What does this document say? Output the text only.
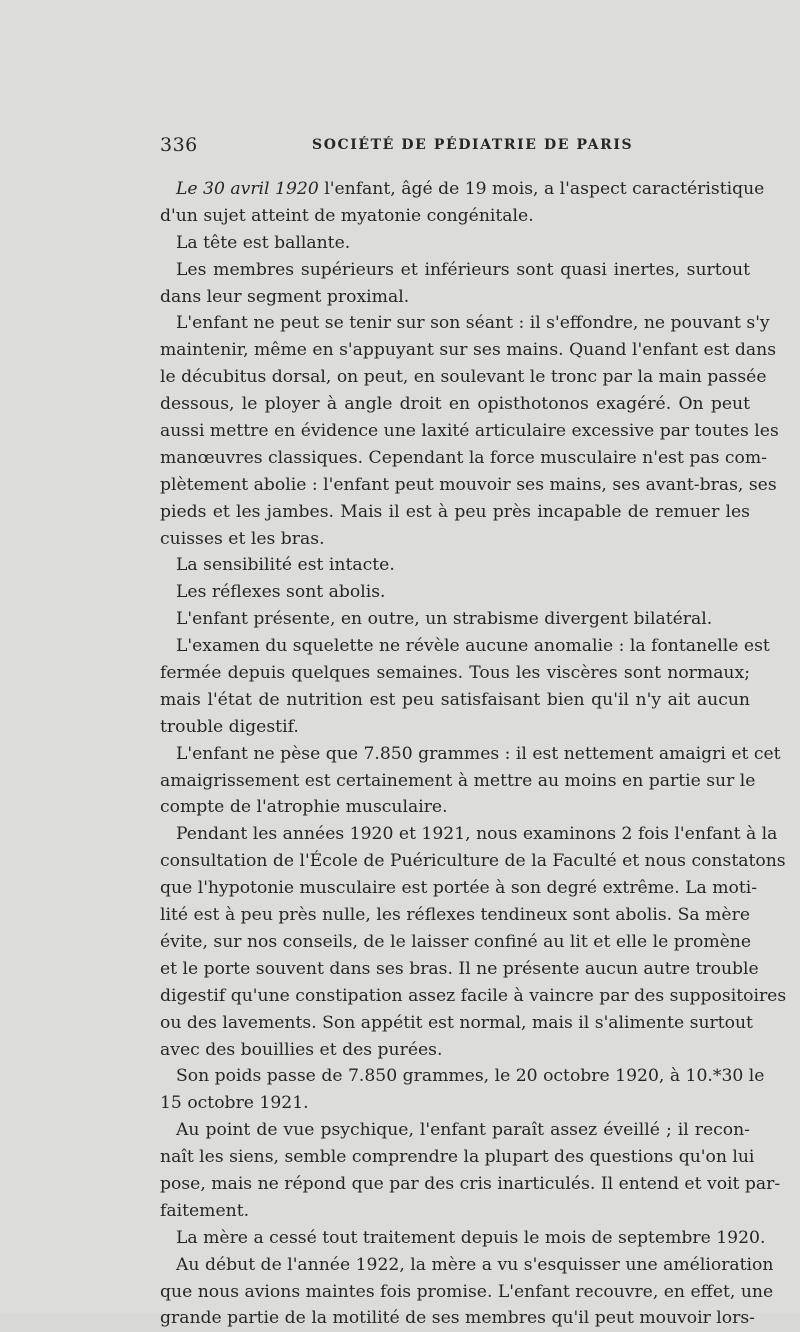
336	SOCIÉTÉ DE PÉDIATRIE DE PARIS
Le 30 avril 1920 l'enfant, âgé de 19 mois, a l'aspect caractéristique
d'un sujet atteint de myatonie congénitale.
La tête est ballante.
Les membres supérieurs et inférieurs sont quasi inertes, surtout
dans leur segment proximal.
L'enfant ne peut se tenir sur son séant : il s'effondre, ne pouvant s'y
maintenir, même en s'appuyant sur ses mains. Quand l'enfant est dans
le décubitus dorsal, on peut, en soulevant le tronc par la main passée
dessous, le ployer à angle droit en opisthotonos exagéré. On peut
aussi mettre en évidence une laxité articulaire excessive par toutes les
manœuvres classiques. Cependant la force musculaire n'est pas com-
plètement abolie : l'enfant peut mouvoir ses mains, ses avant-bras, ses
pieds et les jambes. Mais il est à peu près incapable de remuer les
cuisses et les bras.
La sensibilité est intacte.
Les réflexes sont abolis.
L'enfant présente, en outre, un strabisme divergent bilatéral.
L'examen du squelette ne révèle aucune anomalie : la fontanelle est
fermée depuis quelques semaines. Tous les viscères sont normaux;
mais l'état de nutrition est peu satisfaisant bien qu'il n'y ait aucun
trouble digestif.
L'enfant ne pèse que 7.850 grammes : il est nettement amaigri et cet
amaigrissement est certainement à mettre au moins en partie sur le
compte de l'atrophie musculaire.
Pendant les années 1920 et 1921, nous examinons 2 fois l'enfant à la
consultation de l'École de Puériculture de la Faculté et nous constatons
que l'hypotonie musculaire est portée à son degré extrême. La moti-
lité est à peu près nulle, les réflexes tendineux sont abolis. Sa mère
évite, sur nos conseils, de le laisser confiné au lit et elle le promène
et le porte souvent dans ses bras. Il ne présente aucun autre trouble
digestif qu'une constipation assez facile à vaincre par des suppositoires
ou des lavements. Son appétit est normal, mais il s'alimente surtout
avec des bouillies et des purées.
Son poids passe de 7.850 grammes, le 20 octobre 1920, à 10.*30 le
15 octobre 1921.
Au point de vue psychique, l'enfant paraît assez éveillé ; il recon-
naît les siens, semble comprendre la plupart des questions qu'on lui
pose, mais ne répond que par des cris inarticulés. Il entend et voit par-
faitement.
La mère a cessé tout traitement depuis le mois de septembre 1920.
Au début de l'année 1922, la mère a vu s'esquisser une amélioration
que nous avions maintes fois promise. L'enfant recouvre, en effet, une
grande partie de la motilité de ses membres qu'il peut mouvoir lors-
